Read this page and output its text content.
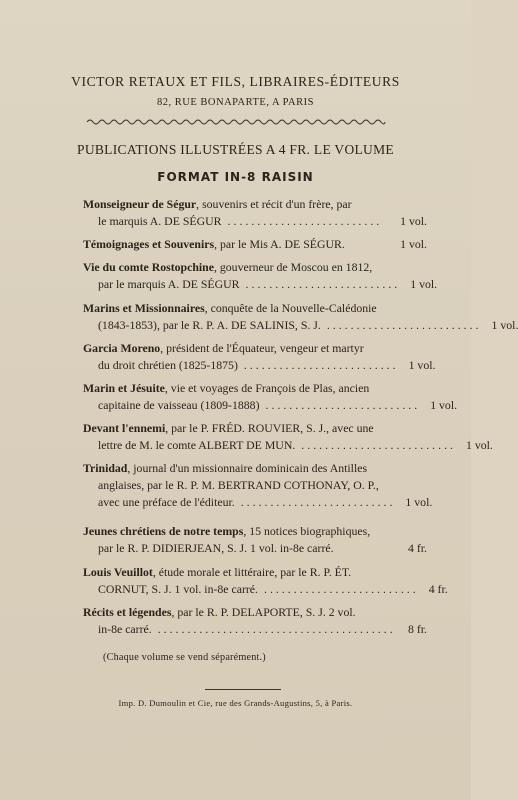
VICTOR RETAUX ET FILS, LIBRAIRES-ÉDITEURS
82, RUE BONAPARTE, A PARIS
PUBLICATIONS ILLUSTRÉES A 4 FR. LE VOLUME
FORMAT IN-8 RAISIN
Monseigneur de Ségur , souvenirs et récit d'un frère, par
le marquis A. DE SÉGUR ..........................	1 vol.
Témoignages et Souvenirs , par le Mis A. DE SÉGUR.	1 vol.
Vie du comte Rostopchine , gouverneur de Moscou en 1812,
par le marquis A. DE SÉGUR .......................... 1 vol.
Marins et Missionnaires , conquête de la Nouvelle-Calédonie
(1843-1853), par le R. P. A. DE SALINIS, S. J. .......................... 1 vol.
Garcia Moreno , président de l'Équateur, vengeur et martyr
du droit chrétien (1825-1875) .......................... 1 vol.
Marin et Jésuite , vie et voyages de François de Plas, ancien
capitaine de vaisseau (1809-1888) .......................... 1 vol.
Devant l'ennemi , par le P. FRÉD. ROUVIER, S. J., avec une
lettre de M. le comte ALBERT DE MUN. .......................... 1 vol.
Trinidad , journal d'un missionnaire dominicain des Antilles
anglaises, par le R. P. M. BERTRAND COTHONAY, O. P.,
avec une préface de l'éditeur. .......................... 1 vol.
Jeunes chrétiens de notre temps , 15 notices biographiques,
par le R. P. DIDIERJEAN, S. J. 1 vol. in-8e carré.	4 fr.
Louis Veuillot , étude morale et littéraire, par le R. P. ÉT.
CORNUT, S. J. 1 vol. in-8e carré. .......................... 4 fr.
Récits et légendes , par le R. P. DELAPORTE, S. J. 2 vol.
in-8e carré. ........................................	8 fr.
(Chaque volume se vend séparément.)
Imp. D. Dumoulin et Cie, rue des Grands-Augustins, 5, à Paris.
